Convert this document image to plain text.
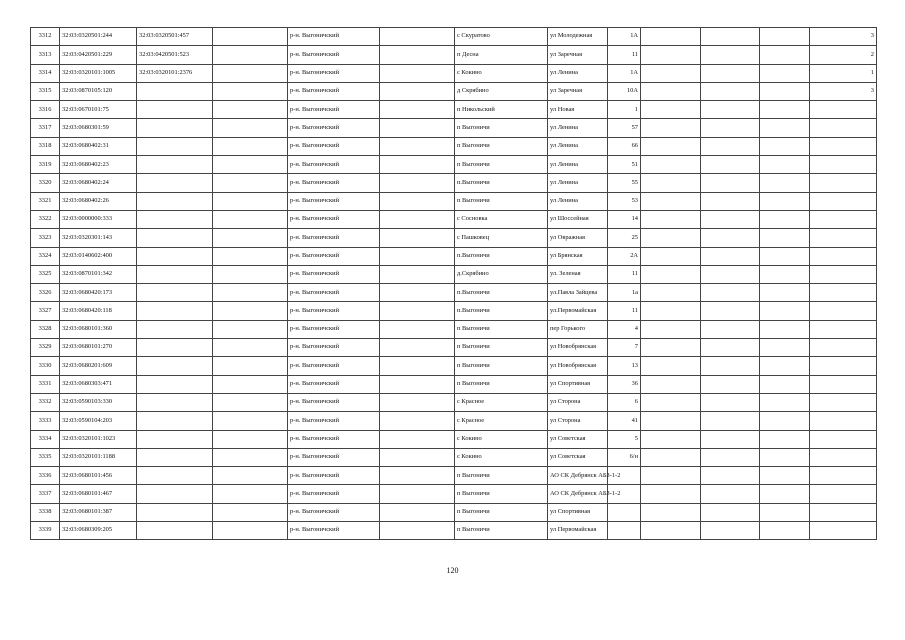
3312	32:03:0320501:244	32:03:0320501:457		р-н. Выгоничский		с Скуратово	ул Молодежная	1А				3
3313	32:03:0420501:229	32:03:0420501:523		р-н. Выгоничский		п Десна	ул Заречная	11				2
3314	32:03:0320101:1005	32:03:0320101:2376		р-н. Выгоничский		с Кокино	ул Ленина	1А				1
3315	32:03:0870105:120			р-н. Выгоничский		д Скрябино	ул Заречная	10А				3
3316	32:03:0670101:75			р-н. Выгоничский		п Никольский	ул Новая	1				
3317	32:03:0680301:59			р-н. Выгоничский		п Выгоничи	ул Ленина	57				
3318	32:03:0680402:31			р-н. Выгоничский		п Выгоничи	ул Ленина	66				
3319	32:03:0680402:23			р-н. Выгоничский		п Выгоничи	ул Ленина	51				
3320	32:03:0680402:24			р-н. Выгоничский		п.Выгоничи	ул Ленина	55				
3321	32:03:0680402:26			р-н. Выгоничский		п Выгоничи	ул Ленина	53				
3322	32:03:0000000:333			р-н. Выгоничский		с Сосновка	ул Шоссейная	14				
3323	32:03:0320301:143			р-н. Выгоничский		с Пашковец	ул Овражная	25				
3324	32:03:0140602:400			р-н. Выгоничский		п.Выгоничи	ул Брянская	2А				
3325	32:03:0870101:342			р-н. Выгоничский		д.Скрябино	ул. Зеленая	11				
3326	32:03:0680420:173			р-н. Выгоничский		п.Выгоничи	ул.Павла Зайцева	1а				
3327	32:03:0680420:118			р-н. Выгоничский		п.Выгоничи	ул.Первомайская	11				
3328	32:03:0680101:360			р-н. Выгоничский		п Выгоничи	пер Горького	4				
3329	32:03:0680101:270			р-н. Выгоничский		п Выгоничи	ул Новобрянская	7				
3330	32:03:0680201:609			р-н. Выгоничский		п Выгоничи	ул Новобрянская	13				
3331	32:03:0680303:471			р-н. Выгоничский		п Выгоничи	ул Спортивная	36				
3332	32:03:0590103:330			р-н. Выгоничский		с Красное	ул Сторона	6				
3333	32:03:0590104:203			р-н. Выгоничский		с Красное	ул Сторона	41				
3334	32:03:0320101:1023			р-н. Выгоничский		с Кокино	ул Советская	5				
3335	32:03:0320101:1188			р-н. Выгоничский		с Кокино	ул Советская	6/н				
3336	32:03:0680101:456			р-н. Выгоничский		п Выгоничи	АО СК Дебрянск АБЗ-1-2					
3337	32:03:0680101:467			р-н. Выгоничский		п Выгоничи	АО СК Дебрянск АБЗ-1-2					
3338	32:03:0680101:387			р-н. Выгоничский		п Выгоничи	ул Спортивная					
3339	32:03:0680309:205			р-н. Выгоничский		п Выгоничи	ул Первомайская					
120
